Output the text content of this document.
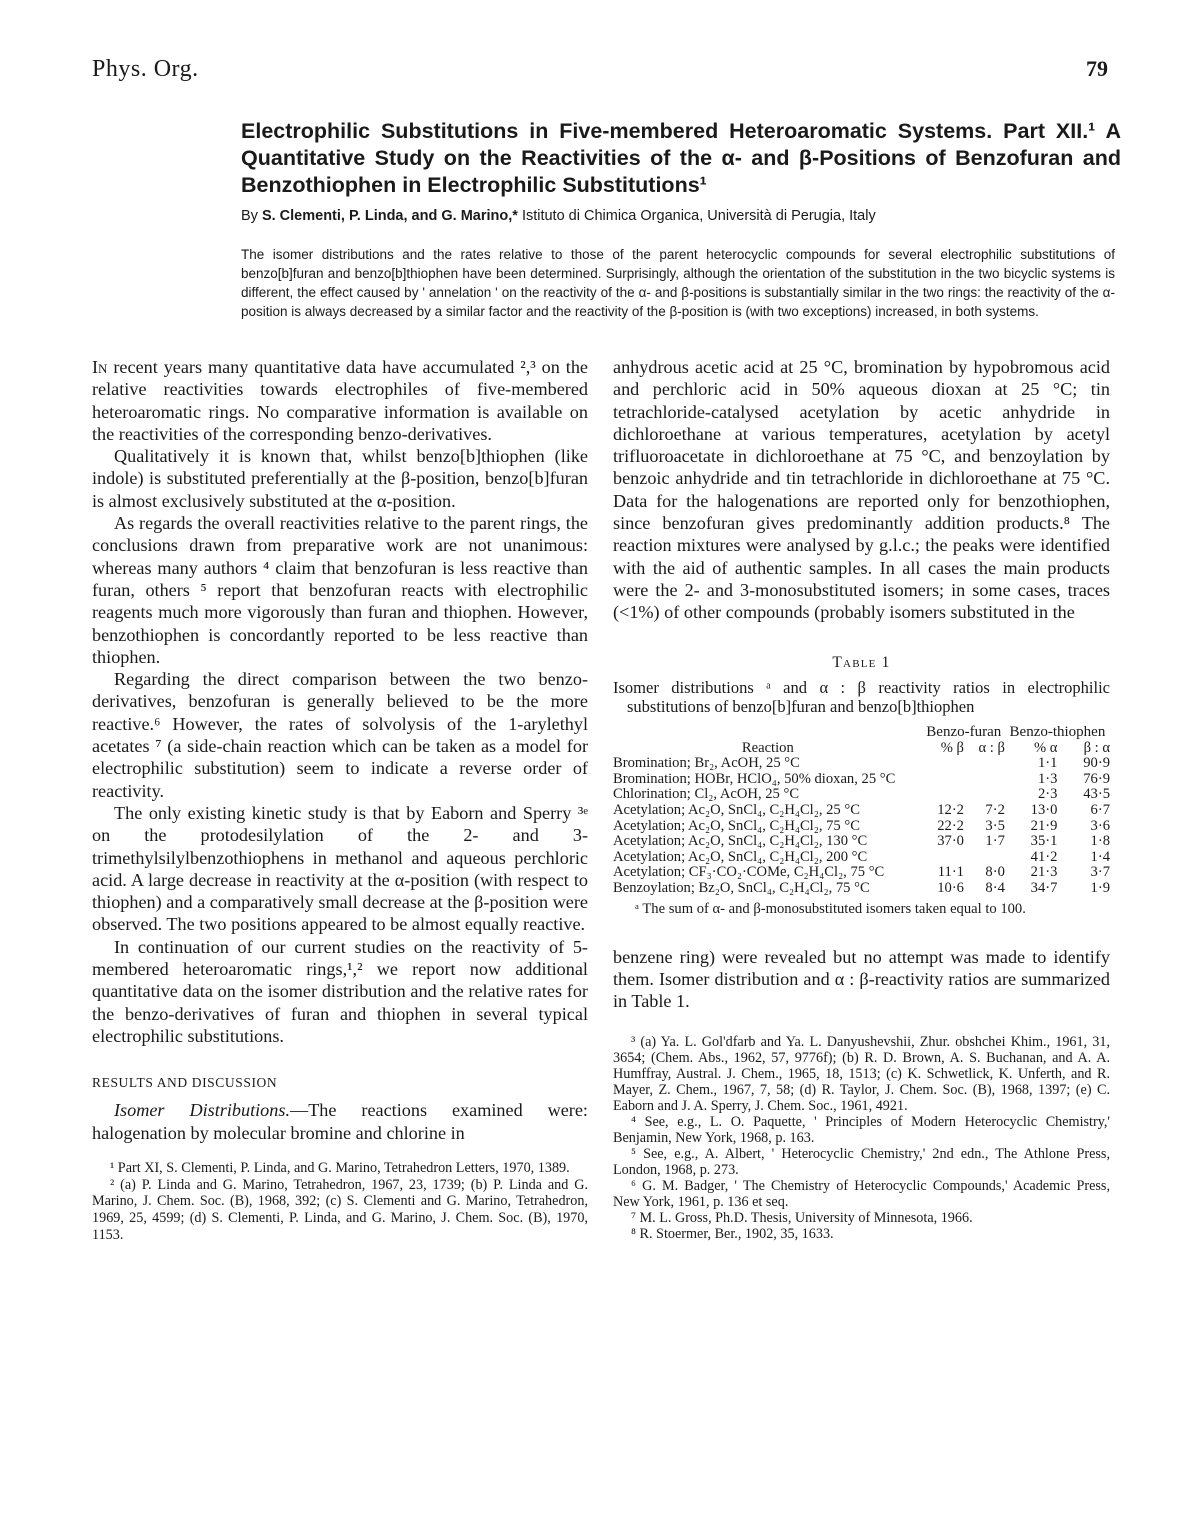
Phys. Org.	79
Electrophilic Substitutions in Five-membered Heteroaromatic Systems. Part XII.¹ A Quantitative Study on the Reactivities of the α- and β-Positions of Benzofuran and Benzothiophen in Electrophilic Substitutions¹
By S. Clementi, P. Linda, and G. Marino,* Istituto di Chimica Organica, Università di Perugia, Italy

The isomer distributions and the rates relative to those of the parent heterocyclic compounds for several electrophilic substitutions of benzo[b]furan and benzo[b]thiophen have been determined. Surprisingly, although the orientation of the substitution in the two bicyclic systems is different, the effect caused by ' annelation ' on the reactivity of the α- and β-positions is substantially similar in the two rings: the reactivity of the α-position is always decreased by a similar factor and the reactivity of the β-position is (with two exceptions) increased, in both systems.

In recent years many quantitative data have accumulated ²,³ on the relative reactivities towards electrophiles of five-membered heteroaromatic rings. No comparative information is available on the reactivities of the corresponding benzo-derivatives.

Qualitatively it is known that, whilst benzo[b]thiophen (like indole) is substituted preferentially at the β-position, benzo[b]furan is almost exclusively substituted at the α-position.

As regards the overall reactivities relative to the parent rings, the conclusions drawn from preparative work are not unanimous: whereas many authors ⁴ claim that benzofuran is less reactive than furan, others ⁵ report that benzofuran reacts with electrophilic reagents much more vigorously than furan and thiophen. However, benzothiophen is concordantly reported to be less reactive than thiophen.

Regarding the direct comparison between the two benzo-derivatives, benzofuran is generally believed to be the more reactive.⁶ However, the rates of solvolysis of the 1-arylethyl acetates ⁷ (a side-chain reaction which can be taken as a model for electrophilic substitution) seem to indicate a reverse order of reactivity.

The only existing kinetic study is that by Eaborn and Sperry ³ᵉ on the protodesilylation of the 2- and 3-trimethylsilylbenzothiophens in methanol and aqueous perchloric acid. A large decrease in reactivity at the α-position (with respect to thiophen) and a comparatively small decrease at the β-position were observed. The two positions appeared to be almost equally reactive.

In continuation of our current studies on the reactivity of 5-membered heteroaromatic rings,¹,² we report now additional quantitative data on the isomer distribution and the relative rates for the benzo-derivatives of furan and thiophen in several typical electrophilic substitutions.

RESULTS AND DISCUSSION

Isomer Distributions.—The reactions examined were: halogenation by molecular bromine and chlorine in

¹ Part XI, S. Clementi, P. Linda, and G. Marino, Tetrahedron Letters, 1970, 1389.

² (a) P. Linda and G. Marino, Tetrahedron, 1967, 23, 1739; (b) P. Linda and G. Marino, J. Chem. Soc. (B), 1968, 392; (c) S. Clementi and G. Marino, Tetrahedron, 1969, 25, 4599; (d) S. Clementi, P. Linda, and G. Marino, J. Chem. Soc. (B), 1970, 1153.

anhydrous acetic acid at 25 °C, bromination by hypobromous acid and perchloric acid in 50% aqueous dioxan at 25 °C; tin tetrachloride-catalysed acetylation by acetic anhydride in dichloroethane at various temperatures, acetylation by acetyl trifluoroacetate in dichloroethane at 75 °C, and benzoylation by benzoic anhydride and tin tetrachloride in dichloroethane at 75 °C. Data for the halogenations are reported only for benzothiophen, since benzofuran gives predominantly addition products.⁸ The reaction mixtures were analysed by g.l.c.; the peaks were identified with the aid of authentic samples. In all cases the main products were the 2- and 3-monosubstituted isomers; in some cases, traces (<1%) of other compounds (probably isomers substituted in the

Table 1

Isomer distributions ᵃ and α : β reactivity ratios in electrophilic substitutions of benzo[b]furan and benzo[b]thiophen

	Benzo-furan		Benzo-thiophen	
Reaction	% β	α : β	% α	β : α
Bromination; Br₂, AcOH, 25 °C			1·1	90·9
Bromination; HOBr, HClO₄, 50% dioxan, 25 °C			1·3	76·9
Chlorination; Cl₂, AcOH, 25 °C			2·3	43·5
Acetylation; Ac₂O, SnCl₄, C₂H₄Cl₂, 25 °C	12·2	7·2	13·0	6·7
Acetylation; Ac₂O, SnCl₄, C₂H₄Cl₂, 75 °C	22·2	3·5	21·9	3·6
Acetylation; Ac₂O, SnCl₄, C₂H₄Cl₂, 130 °C	37·0	1·7	35·1	1·8
Acetylation; Ac₂O, SnCl₄, C₂H₄Cl₂, 200 °C			41·2	1·4
Acetylation; CF₃·CO₂·COMe, C₂H₄Cl₂, 75 °C	11·1	8·0	21·3	3·7
Benzoylation; Bz₂O, SnCl₄, C₂H₄Cl₂, 75 °C	10·6	8·4	34·7	1·9

ᵃ The sum of α- and β-monosubstituted isomers taken equal to 100.

benzene ring) were revealed but no attempt was made to identify them. Isomer distribution and α : β-reactivity ratios are summarized in Table 1.

³ (a) Ya. L. Gol'dfarb and Ya. L. Danyushevshii, Zhur. obshchei Khim., 1961, 31, 3654; (Chem. Abs., 1962, 57, 9776f); (b) R. D. Brown, A. S. Buchanan, and A. A. Humffray, Austral. J. Chem., 1965, 18, 1513; (c) K. Schwetlick, K. Unferth, and R. Mayer, Z. Chem., 1967, 7, 58; (d) R. Taylor, J. Chem. Soc. (B), 1968, 1397; (e) C. Eaborn and J. A. Sperry, J. Chem. Soc., 1961, 4921.

⁴ See, e.g., L. O. Paquette, ' Principles of Modern Heterocyclic Chemistry,' Benjamin, New York, 1968, p. 163.

⁵ See, e.g., A. Albert, ' Heterocyclic Chemistry,' 2nd edn., The Athlone Press, London, 1968, p. 273.

⁶ G. M. Badger, ' The Chemistry of Heterocyclic Compounds,' Academic Press, New York, 1961, p. 136 et seq.

⁷ M. L. Gross, Ph.D. Thesis, University of Minnesota, 1966.

⁸ R. Stoermer, Ber., 1902, 35, 1633.
